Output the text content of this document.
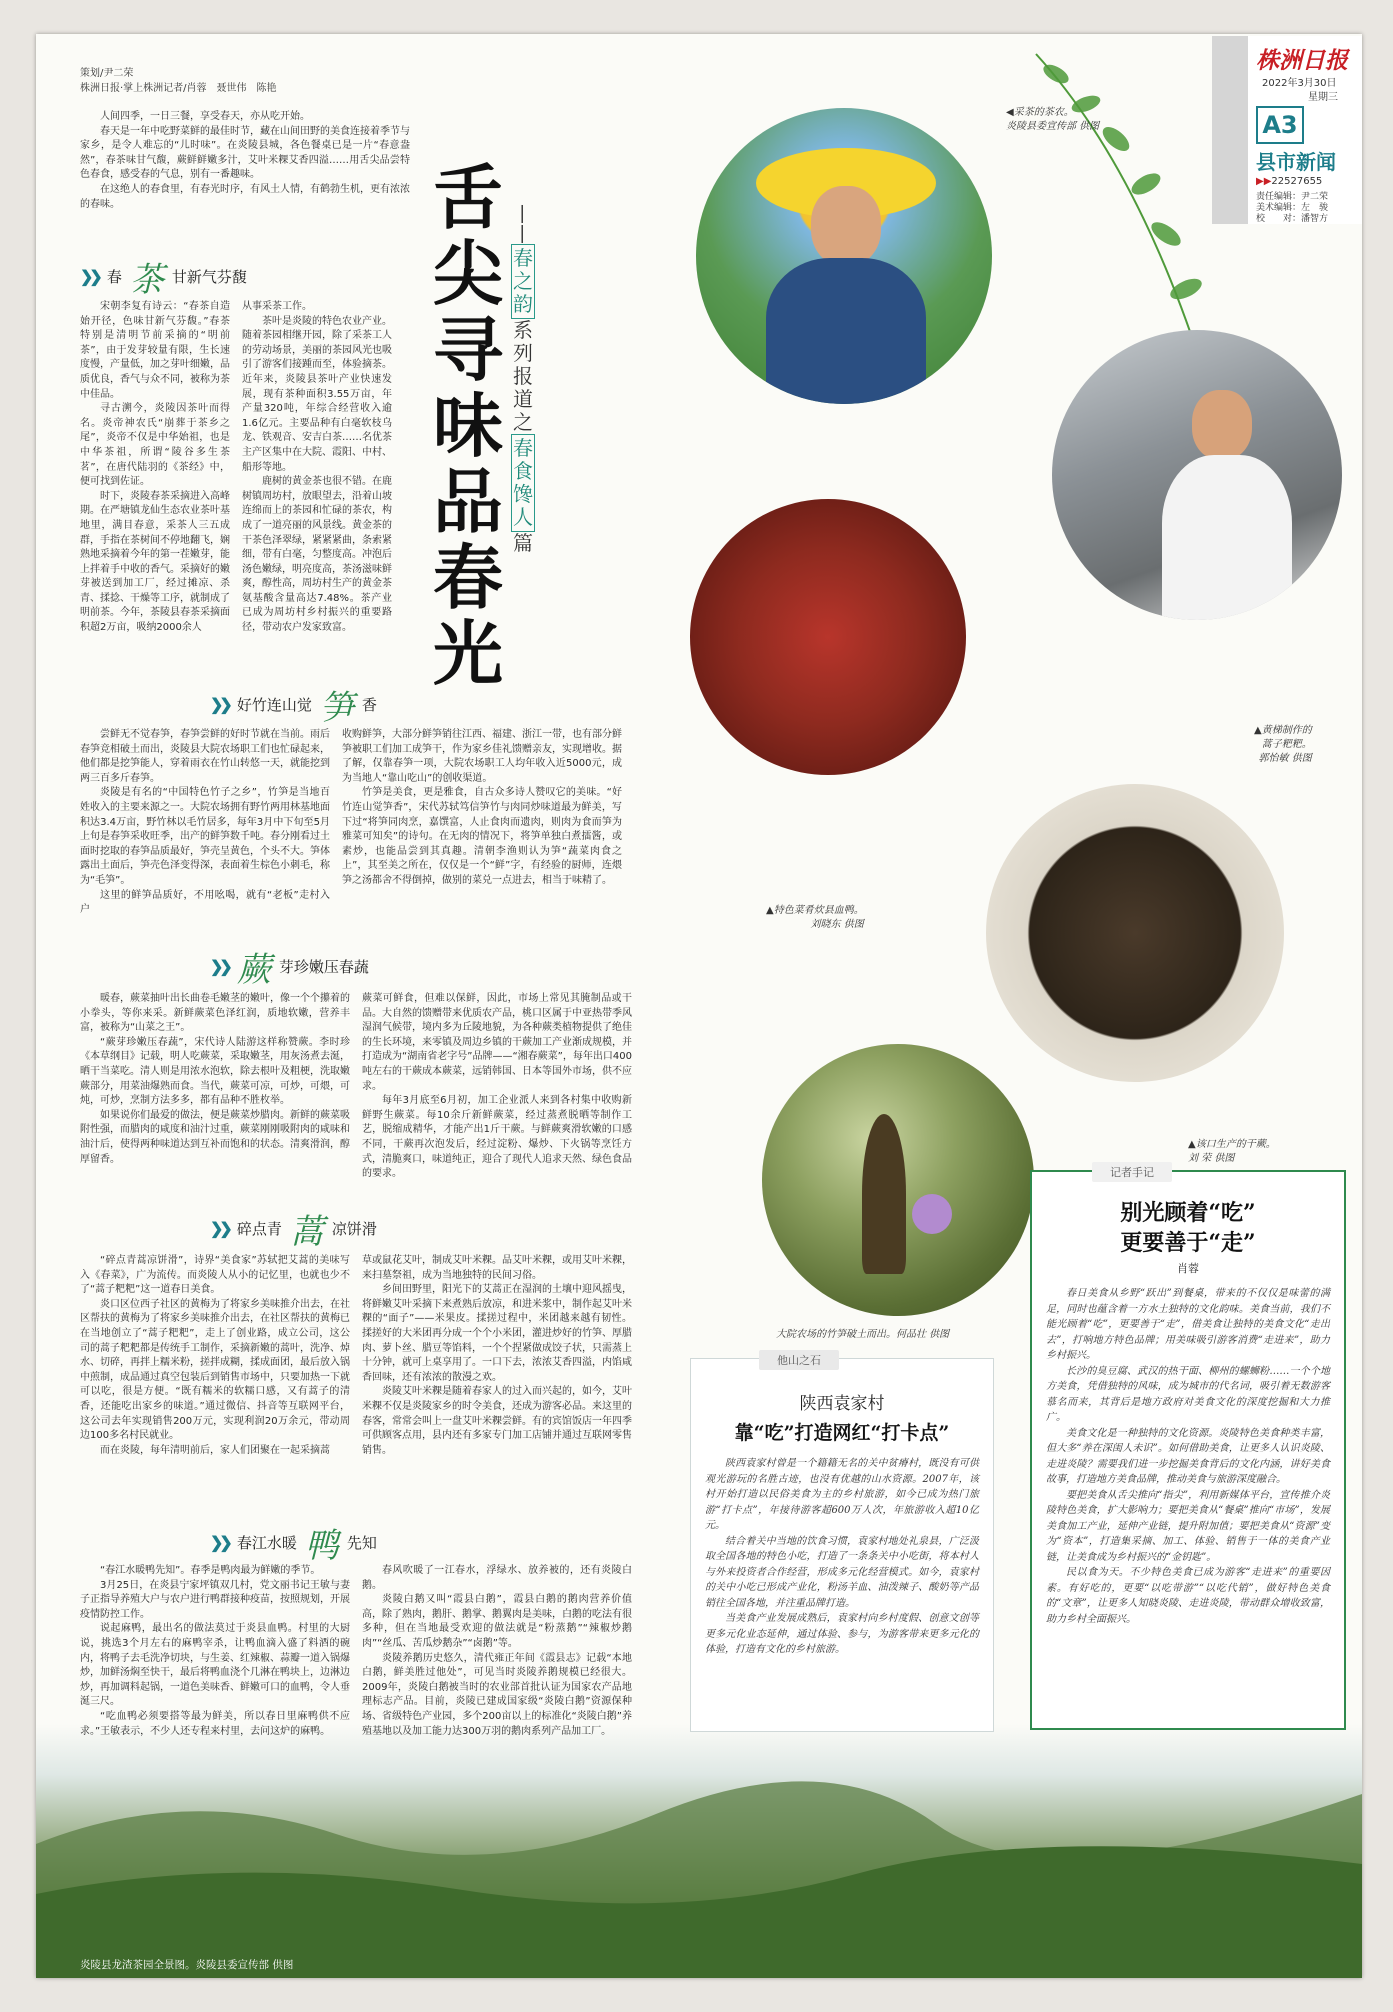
株洲日报
2022年3月30日
星期三
A3
县市新闻
▶▶22527655
责任编辑：尹二荣
美术编辑：左　骏
校　　对：潘智方
策划/尹二荣
株洲日报·掌上株洲记者/肖蓉　聂世伟　陈艳

人间四季，一日三餐，享受春天，亦从吃开始。

春天是一年中吃野菜鲜的最佳时节，藏在山间田野的美食连接着季节与家乡，是令人难忘的“儿时味”。在炎陵县城，各色餐桌已是一片“春意盎然”，春茶味甘气馥，蕨鲜鲜嫩多汁，艾叶米粿艾香四溢……用舌尖品尝特色春食，感受春的气息，别有一番趣味。

在这绝人的春食里，有春光时序，有风土人情，有鹤勃生机，更有浓浓的春味。	舌尖寻味品春光
——
春之韵
系列报道之
春食馋人
篇
◀采茶的茶农。
炎陵县委宣传部 供图
▲黄梯制作的
蒿子粑粑。
郭怡敏 供图
▲特色菜肴炊县血鸭。
刘晓东 供图
▲该口生产的干蕨。
刘 荣 供图
大院农场的竹笋破土而出。何品壮 供图
炎陵县龙渣茶园全景图。炎陵县委宣传部 供图
❯❯ 春 茶 甘新气芬馥

宋朝李复有诗云：“春茶自造始开径，色味甘新气芬馥。”春茶特别是清明节前采摘的“明前茶”，由于发芽较量有限，生长速度慢，产量低，加之芽叶细嫩，品质优良，香气与众不同，被称为茶中佳品。

寻古溯今，炎陵因茶叶而得名。炎帝神农氏“崩葬于茶乡之尾”，炎帝不仅是中华始祖，也是中华茶祖，所谓“陵谷多生茶茗”，在唐代陆羽的《茶经》中，便可找到佐证。

时下，炎陵春茶采摘进入高峰期。在严塘镇龙仙生态农业茶叶基地里，满目春意，采茶人三五成群，手指在茶树间不停地翻飞，娴熟地采摘着今年的第一茬嫩芽，能上拌着手中收的香气。采摘好的嫩芽被送到加工厂，经过摊凉、杀青、揉捻、干燥等工序，就制成了明前茶。今年，茶陵县春茶采摘面积超2万亩，吸纳2000余人

从事采茶工作。

茶叶是炎陵的特色农业产业。随着茶园相继开园，除了采茶工人的劳动场景，美丽的茶园风光也吸引了游客们接踵而至，体验摘茶。近年来，炎陵县茶叶产业快速发展，现有茶种面积3.55万亩，年产量320吨，年综合经营收入逾1.6亿元。主要品种有白毫软枝乌龙、铁观音、安吉白茶……名优茶主产区集中在大院、霞阳、中村、船形等地。

鹿树的黄金茶也很不错。在鹿树镇周坊村，放眼望去，沿着山坡连绵而上的茶园和忙碌的茶农，构成了一道亮丽的风景线。黄金茶的干茶色泽翠绿，紧紧紧曲，条索紧细，带有白毫，匀整度高。冲泡后汤色嫩绿，明亮度高，茶汤滋味鲜爽，醇性高，周坊村生产的黄金茶氨基酸含量高达7.48%。茶产业已成为周坊村乡村振兴的重要路径，带动农户发家致富。

❯❯ 好竹连山觉 笋 香

尝鲜无不觉春笋，春笋尝鲜的好时节就在当前。雨后春笋竞相破土而出，炎陵县大院农场职工们也忙碌起来，他们都是挖笋能人，穿着雨衣在竹山转悠一天，就能挖到两三百多斤春笋。

炎陵是有名的“中国特色竹子之乡”，竹笋是当地百姓收入的主要来源之一。大院农场拥有野竹两用林基地面积达3.4万亩，野竹林以毛竹居多，每年3月中下旬至5月上旬是春笋采收旺季，出产的鲜笋数千吨。春分刚看过土面时挖取的春笋品质最好，笋壳呈黄色，个头不大。笋体露出土面后，笋壳色泽变得深，表面着生棕色小刺毛，称为“毛笋”。

这里的鲜笋品质好，不用吆喝，就有“老板”走村入户

收购鲜笋，大部分鲜笋销往江西、福建、浙江一带，也有部分鲜笋被职工们加工成笋干，作为家乡佳礼馈赠亲友，实现增收。据了解，仅靠春笋一项，大院农场职工人均年收入近5000元，成为当地人“靠山吃山”的创收渠道。

竹笋是美食，更是雅食，自古众多诗人赞叹它的美味。“好竹连山觉笋香”，宋代苏轼笃信笋竹与肉同炒味道最为鲜美，写下过“将笋同肉烹，嘉馔富，人止食肉而遗肉，则肉为食而笋为雅菜可知矣”的诗句。在无肉的情况下，将笋单独白煮擂酱，或素炒，也能品尝到其真趣。清朝李渔则认为笋“蔬菜肉食之上”，其至美之所在，仅仅是一个“鲜”字，有经验的厨师，连煨笋之汤都舍不得倒掉，做别的菜兑一点进去，相当于味精了。

❯❯ 蕨 芽珍嫩压春蔬

暖春，蕨菜抽叶出长曲卷毛嫩茎的嫩叶，像一个个攥着的小拳头，等你来采。新鲜蕨菜色泽红润，质地软嫩，营养丰富，被称为“山菜之王”。

“蕨芽珍嫩压春蔬”，宋代诗人陆游这样称赞蕨。李时珍《本草纲目》记载，明人吃蕨菜，采取嫩茎，用灰汤煮去涎，晒干当菜吃。清人则是用浓水泡软，除去根叶及粗梗，洗取嫩蕨部分，用菜油爆熟而食。当代，蕨菜可凉，可炒，可煨，可炖，可炒，烹制方法多多，都有品种不胜枚举。

如果说你们最爱的做法，便是蕨菜炒腊肉。新鲜的蕨菜吸附性强，而腊肉的咸度和油汁过重，蕨菜刚刚吸附肉的咸味和油汁后，使得两种味道达到互补而饱和的状态。清爽滑润，醇厚留香。

蕨菜可鲜食，但难以保鲜，因此，市场上常见其腌制品或干品。大自然的馈赠带来优质农产品，桃口区属于中亚热带季风湿润气候带，境内多为丘陵地貌，为各种蕨类植物提供了绝佳的生长环境，来零镇及周边乡镇的干蕨加工产业渐成规模，并打造成为“湖南省老字号”品牌——“湘春蕨菜”，每年出口400吨左右的干蕨成本蕨菜，远销韩国、日本等国外市场，供不应求。

每年3月底至6月初，加工企业派人来到各村集中收购新鲜野生蕨菜。每10余斤新鲜蕨菜，经过蒸煮脱晒等制作工艺，脱缩成精华，才能产出1斤干蕨。与鲜蕨爽滑软嫩的口感不同，干蕨再次泡发后，经过淀粉、爆炒、下火锅等烹饪方式，清脆爽口，味道纯正，迎合了现代人追求天然、绿色食品的要求。

❯❯ 碎点青 蒿 凉饼滑

“碎点青蒿凉饼滑”，诗界“美食家”苏轼把艾蒿的美味写入《春菜》，广为流传。而炎陵人从小的记忆里，也就也少不了“蒿子粑粑”这一道春日美食。

炎口区位西子社区的黄梅为了将家乡美味推介出去，在社区帮扶的黄梅为了将家乡美味推介出去，在社区帮扶的黄梅已在当地创立了“蒿子粑粑”，走上了创业路，成立公司，这公司的蒿子粑粑都是传统手工制作，采摘新嫩的蒿叶，洗净、焯水、切碎，再拌上糯米粉，搓拌成糊，揉成面团，最后放入锅中煎制，成品通过真空包装后到销售市场中，只要加热一下就可以吃，很是方便。“既有糯米的软糯口感，又有蒿子的清香，还能吃出家乡的味道。”通过微信、抖音等互联网平台，这公司去年实现销售200万元，实现利润20万余元，带动周边100多名村民就业。

而在炎陵，每年清明前后，家人们团聚在一起采摘蒿

草或鼠花艾叶，制成艾叶米粿。品艾叶米粿，或用艾叶米粿，来扫墓祭祖，成为当地独特的民间习俗。

乡间田野里，阳光下的艾蒿正在湿润的土壤中迎风摇曳，将鲜嫩艾叶采摘下来煮熟后放凉，和进米浆中，制作起艾叶米粿的“面子”——米果皮。揉搓过程中，米团越来越有韧性。揉搓好的大米团再分成一个个小米团，灌进炒好的竹笋、厚腊肉、萝卜丝、腊豆等馅料，一个个捏紧做成饺子状，只需蒸上十分钟，就可上桌享用了。一口下去，浓浓艾香四溢，内馅咸香回味，还有浓浓的散漫之欢。

炎陵艾叶米粿是随着春家人的过入而兴起的，如今，艾叶米粿不仅是炎陵家乡的时令美食，还成为游客必品。来这里的春客，常常会叫上一盘艾叶米粿尝鲜。有的宾馆饭店一年四季可供顾客点用，县内还有多家专门加工店铺并通过互联网零售销售。

❯❯ 春江水暖 鸭 先知

“春江水暖鸭先知”。春季是鸭肉最为鲜嫩的季节。

3月25日，在炎县宁家坪镇双几村，党文丽书记王敏与妻子正指导养殖大户与农户进行鸭群接种疫苗，按照规划，开展疫情防控工作。

说起麻鸭，最出名的做法莫过于炎县血鸭。村里的大厨说，挑选3个月左右的麻鸭宰杀，让鸭血滴入盛了料酒的碗内，将鸭子去毛洗净切块，与生姜、红辣椒、蒜瓣一道入锅爆炒，加鲜汤焖至快干，最后将鸭血浇个几淋在鸭块上，边淋边炒，再加调料起锅，一道色美味香、鲜嫩可口的血鸭，令人垂涎三尺。

“吃血鸭必须要搭等最为鲜美，所以春日里麻鸭供不应求。”王敏表示，不少人还专程来村里，去问这炉的麻鸭。

春风吹暖了一江春水，浮绿水、放养被的，还有炎陵白鹅。

炎陵白鹅又叫“霞县白鹅”，霞县白鹅的鹅肉营养价值高，除了熟肉，鹅肝、鹅掌、鹅翼肉是美味，白鹅的吃法有很多种，但在当地最受欢迎的做法就是“粉蒸鹅”“辣椒炒鹅肉”“丝瓜、苦瓜炒鹅杂”“卤鹅”等。

炎陵养鹅历史悠久，清代雍正年间《霞县志》记载“本地白鹅，鲜美胜过他处”，可见当时炎陵养鹅规模已经很大。2009年，炎陵白鹅被当时的农业部首批认证为国家农产品地理标志产品。目前，炎陵已建成国家级“炎陵白鹅”资源保种场、省级特色产业园，多个200亩以上的标准化“炎陵白鹅”养殖基地以及加工能力达300万羽的鹅肉系列产品加工厂。

他山之石
陕西袁家村
靠“吃”打造网红“打卡点”

陕西袁家村曾是一个籍籍无名的关中贫瘠村，既没有可供观光游玩的名胜古迹，也没有优越的山水资源。2007年，该村开始打造以民俗美食为主的乡村旅游，如今已成为热门旅游“打卡点”，年接待游客超600万人次，年旅游收入超10亿元。

结合着关中当地的饮食习惯，袁家村地处礼泉县，广泛汲取全国各地的特色小吃，打造了一条条关中小吃街，将本村人与外来投资者合作经营，形成多元化经营模式。如今，袁家村的关中小吃已形成产业化，粉汤羊血、油泼辣子、酸奶等产品销往全国各地，并注重品牌打造。

当美食产业发展成熟后，袁家村向乡村度假、创意文创等更多元化业态延伸，通过体验、参与，为游客带来更多元化的体验，打造有文化的乡村旅游。

记者手记
别光顾着“吃”
更要善于“走”
肖蓉

春日美食从乡野“跃出”到餐桌，带来的不仅仅是味蕾的满足，同时也蕴含着一方水土独特的文化韵味。美食当前，我们不能光顾着“吃”，更要善于“走”，借美食让独特的美食文化“走出去”，打响地方特色品牌；用美味吸引游客消费“走进来”，助力乡村振兴。

长沙的臭豆腐、武汉的热干面、柳州的螺蛳粉……一个个地方美食，凭借独特的风味，成为城市的代名词，吸引着无数游客慕名而来，其背后是地方政府对美食文化的深度挖掘和大力推广。

美食文化是一种独特的文化资源。炎陵特色美食种类丰富，但大多“养在深闺人未识”。如何借助美食，让更多人认识炎陵、走进炎陵？需要我们进一步挖掘美食背后的文化内涵，讲好美食故事，打造地方美食品牌，推动美食与旅游深度融合。

要把美食从舌尖推向“指尖”，利用新媒体平台，宣传推介炎陵特色美食，扩大影响力；要把美食从“餐桌”推向“市场”，发展美食加工产业，延伸产业链，提升附加值；要把美食从“资源”变为“资本”，打造集采摘、加工、体验、销售于一体的美食产业链，让美食成为乡村振兴的“金钥匙”。

民以食为天。不少特色美食已成为游客“走进来”的重要因素。有好吃的，更要“以吃带游”“以吃代销”，做好特色美食的“文章”，让更多人知晓炎陵、走进炎陵，带动群众增收致富，助力乡村全面振兴。
